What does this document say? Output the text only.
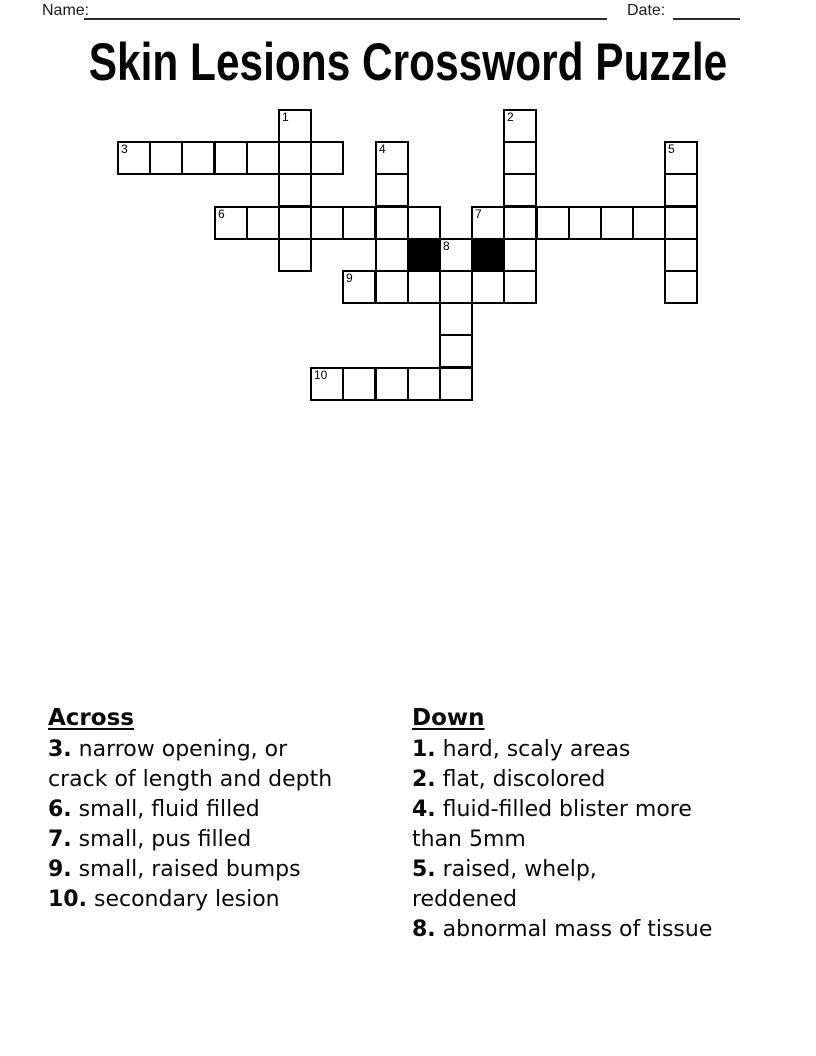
Name:	Date:
Skin Lesions Crossword Puzzle
1	2
3	4	5
6	7
8
9
10
Across
3. narrow opening, or
crack of length and depth
6. small, fluid filled
7. small, pus filled
9. small, raised bumps
10. secondary lesion
Down
1. hard, scaly areas
2. flat, discolored
4. fluid-filled blister more
than 5mm
5. raised, whelp,
reddened
8. abnormal mass of tissue
